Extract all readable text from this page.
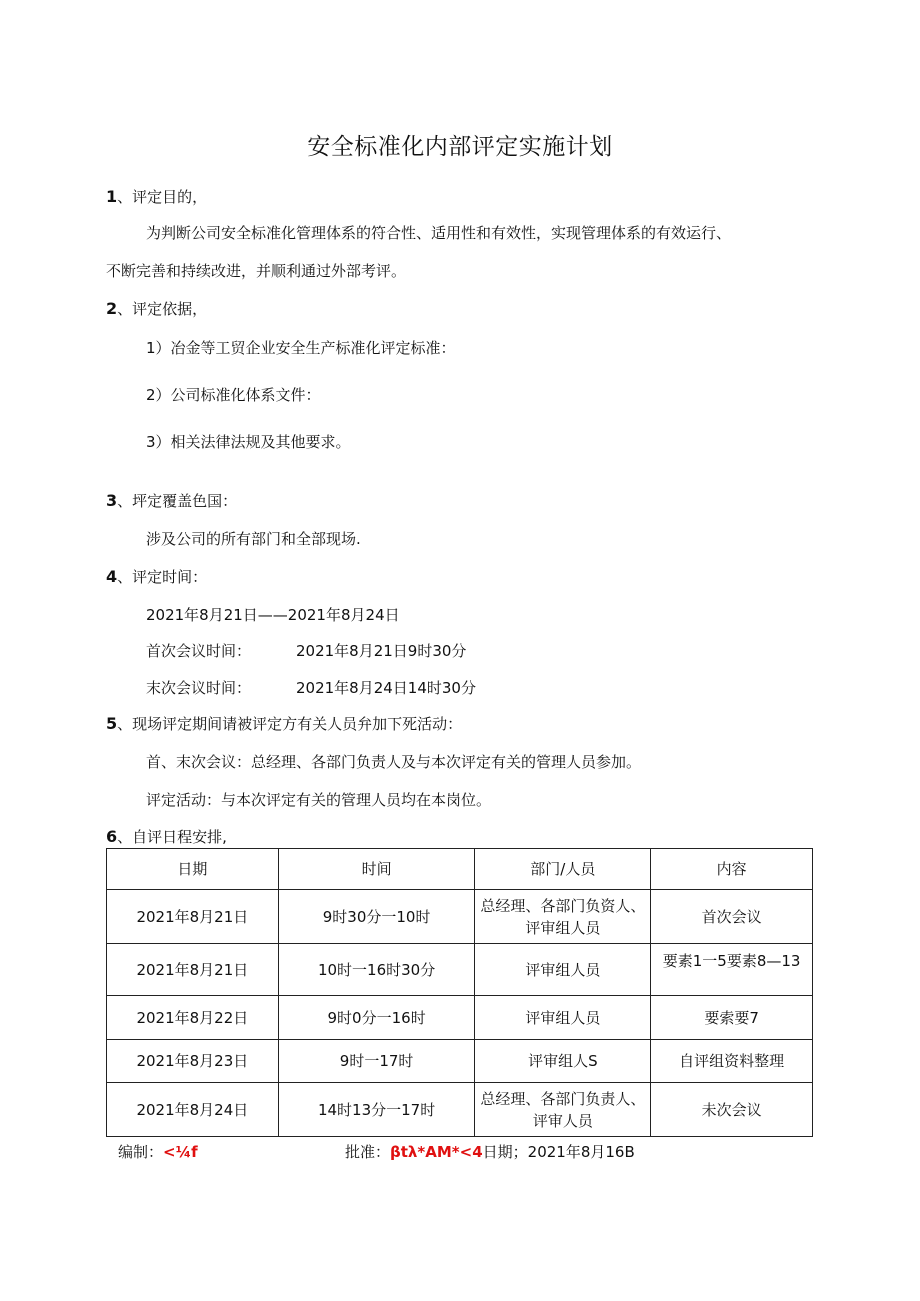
安全标准化内部评定实施计划
1、评定目的，
为判断公司安全标准化管理体系的符合性、适用性和有效性，实现管理体系的有效运行、
不断完善和持续改进，并顺利通过外部考评。
2、评定依据，
1）冶金等工贸企业安全生产标准化评定标准：
2）公司标准化体系文件：
3）相关法律法规及其他要求。
3、坪定覆盖色国：
涉及公司的所有部门和全部现场.
4、评定时间：
2021年8月21日——2021年8月24日
首次会议时间：	2021年8月21日9时30分
末次会议时间：	2021年8月24日14时30分
5、现场评定期间请被评定方有关人员弁加下死活动：
首、末次会议：总经理、各部门负责人及与本次评定有关的管理人员参加。
评定活动：与本次评定有关的管理人员均在本岗位。
6、自评日程安排,
日期	时间	部门/人员	内容
2021年8月21日	9时30分一10时	总经理、各部门负资人、评审组人员	首次会议
2021年8月21日	10时一16时30分	评审组人员	要素1一5要素8—13
2021年8月22日	9时0分一16时	评审组人员	要索要7
2021年8月23日	9时一17时	评审组人S	自评组资料整理
2021年8月24日	14时13分一17时	总经理、各部门负责人、评审人员	未次会议
编制：<¼f	批准：βtλ*AM*<4日期；2021年8月16B
